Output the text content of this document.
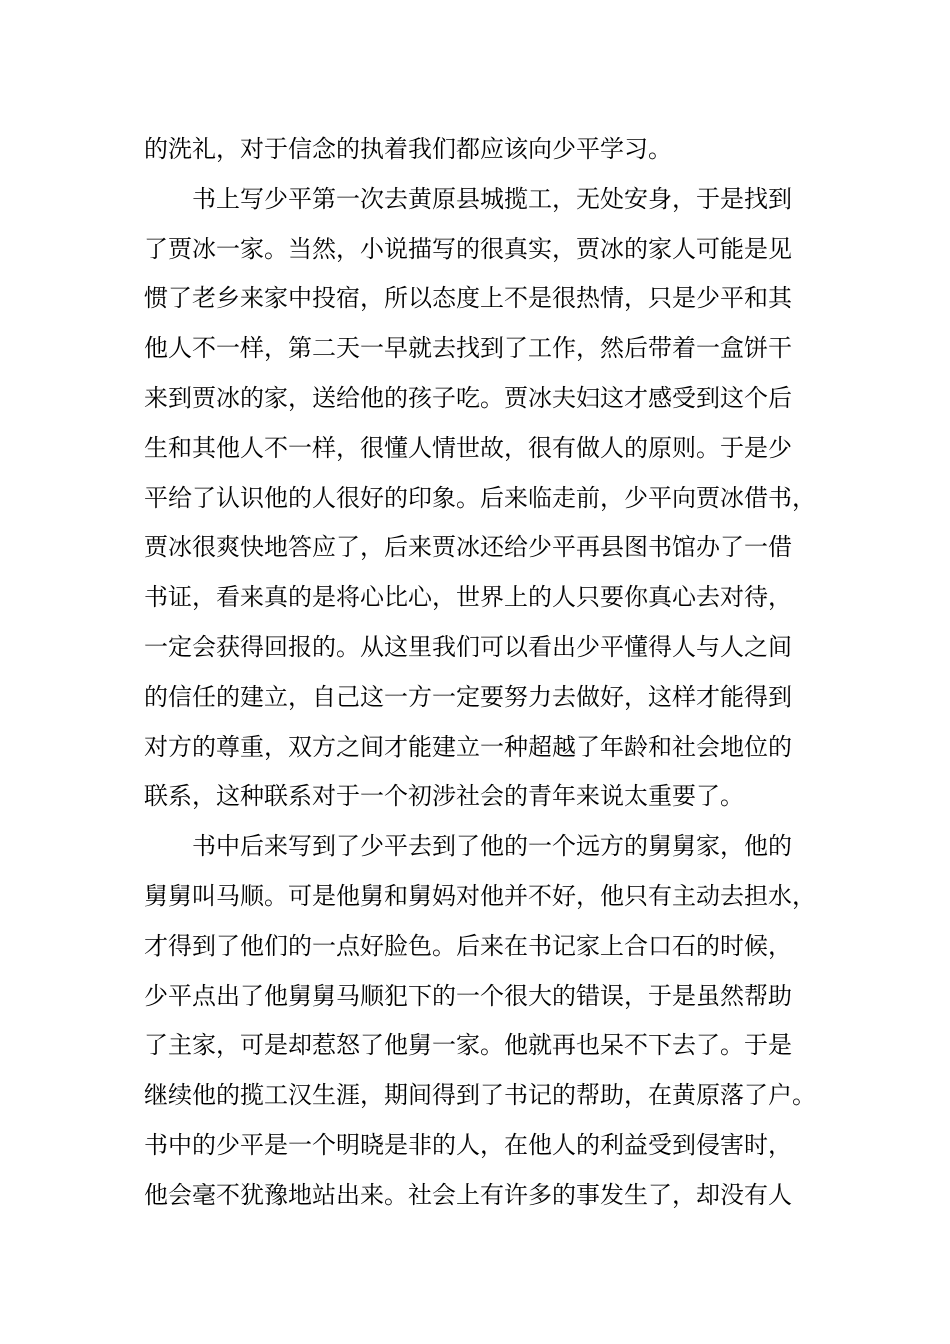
的洗礼，对于信念的执着我们都应该向少平学习。
书上写少平第一次去黄原县城揽工，无处安身，于是找到
了贾冰一家。当然，小说描写的很真实，贾冰的家人可能是见
惯了老乡来家中投宿，所以态度上不是很热情，只是少平和其
他人不一样，第二天一早就去找到了工作，然后带着一盒饼干
来到贾冰的家，送给他的孩子吃。贾冰夫妇这才感受到这个后
生和其他人不一样，很懂人情世故，很有做人的原则。于是少
平给了认识他的人很好的印象。后来临走前，少平向贾冰借书，
贾冰很爽快地答应了，后来贾冰还给少平再县图书馆办了一借
书证，看来真的是将心比心，世界上的人只要你真心去对待，
一定会获得回报的。从这里我们可以看出少平懂得人与人之间
的信任的建立，自己这一方一定要努力去做好，这样才能得到
对方的尊重，双方之间才能建立一种超越了年龄和社会地位的
联系，这种联系对于一个初涉社会的青年来说太重要了。
书中后来写到了少平去到了他的一个远方的舅舅家，他的
舅舅叫马顺。可是他舅和舅妈对他并不好，他只有主动去担水，
才得到了他们的一点好脸色。后来在书记家上合口石的时候，
少平点出了他舅舅马顺犯下的一个很大的错误，于是虽然帮助
了主家，可是却惹怒了他舅一家。他就再也呆不下去了。于是
继续他的揽工汉生涯，期间得到了书记的帮助，在黄原落了户。
书中的少平是一个明晓是非的人，在他人的利益受到侵害时，
他会毫不犹豫地站出来。社会上有许多的事发生了，却没有人
